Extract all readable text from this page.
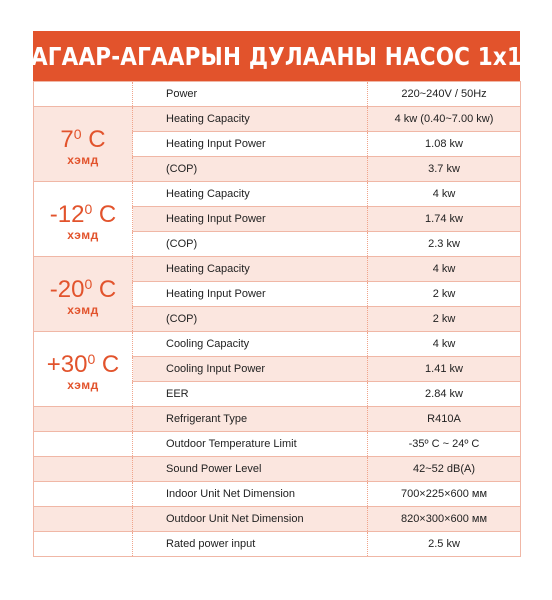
АГААР-АГААРЫН ДУЛААНЫ НАСОС 1x1
	Power	220~240V / 50Hz

$7^0$ C
хэмд	Heating Capacity	4 kw (0.40~7.00 kw)
	Heating Input Power	1.08 kw
	(COP)	3.7 kw

$-12^0$ C
хэмд	Heating Capacity	4 kw
	Heating Input Power	1.74 kw
	(COP)	2.3 kw

$-20^0$ C
хэмд	Heating Capacity	4 kw
	Heating Input Power	2 kw
	(COP)	2 kw

$+30^0$ C
хэмд	Cooling Capacity	4 kw
	Cooling Input Power	1.41 kw
	EER	2.84 kw
	Refrigerant Type	R410A
	Outdoor Temperature Limit	-35º C ~ 24º C
	Sound Power Level	42~52 dB(A)
	Indoor Unit Net Dimension	700×225×600 мм
	Outdoor Unit Net Dimension	820×300×600 мм
	Rated power input	2.5 kw
